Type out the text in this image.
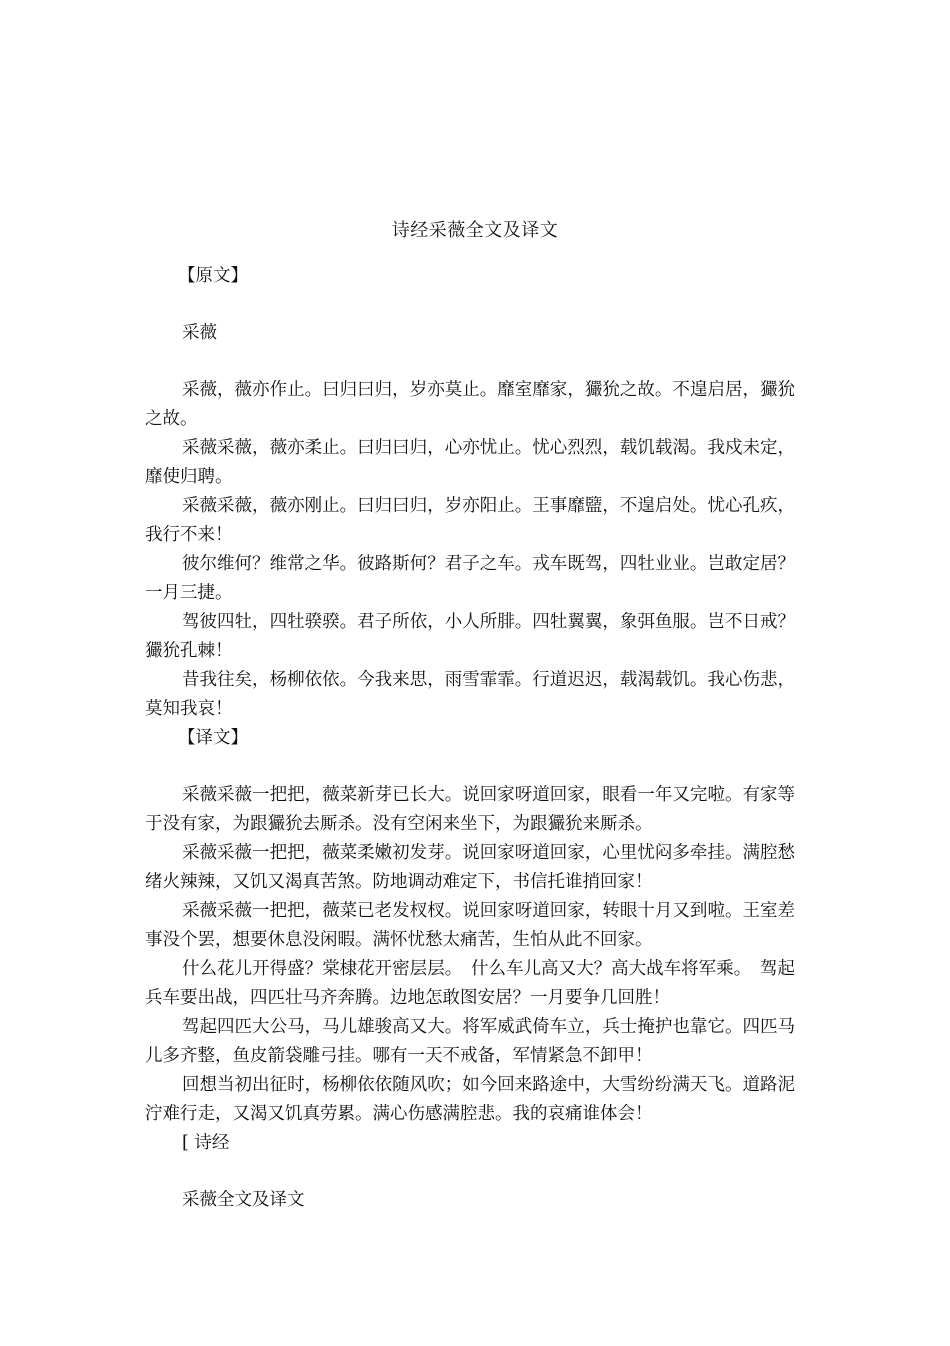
诗经采薇全文及译文

【原文】

采薇

采薇，薇亦作止。曰归曰归，岁亦莫止。靡室靡家，玁狁之故。不遑启居，玁狁之故。

采薇采薇，薇亦柔止。曰归曰归，心亦忧止。忧心烈烈，载饥载渴。我戍未定，靡使归聘。

采薇采薇，薇亦刚止。曰归曰归，岁亦阳止。王事靡盬，不遑启处。忧心孔疚，我行不来！

彼尔维何？维常之华。彼路斯何？君子之车。戎车既驾，四牡业业。岂敢定居？一月三捷。

驾彼四牡，四牡骙骙。君子所依，小人所腓。四牡翼翼，象弭鱼服。岂不日戒？玁狁孔棘！

昔我往矣，杨柳依依。今我来思，雨雪霏霏。行道迟迟，载渴载饥。我心伤悲，莫知我哀！

【译文】

采薇采薇一把把，薇菜新芽已长大。说回家呀道回家，眼看一年又完啦。有家等于没有家，为跟玁狁去厮杀。没有空闲来坐下，为跟玁狁来厮杀。

采薇采薇一把把，薇菜柔嫩初发芽。说回家呀道回家，心里忧闷多牵挂。满腔愁绪火辣辣，又饥又渴真苦煞。防地调动难定下，书信托谁捎回家！

采薇采薇一把把，薇菜已老发杈杈。说回家呀道回家，转眼十月又到啦。王室差事没个罢，想要休息没闲暇。满怀忧愁太痛苦，生怕从此不回家。

什么花儿开得盛？棠棣花开密层层。　什么车儿高又大？高大战车将军乘。　驾起兵车要出战，四匹壮马齐奔腾。边地怎敢图安居？一月要争几回胜！

驾起四匹大公马，马儿雄骏高又大。将军威武倚车立，兵士掩护也靠它。四匹马儿多齐整，鱼皮箭袋雕弓挂。哪有一天不戒备，军情紧急不卸甲！

回想当初出征时，杨柳依依随风吹；如今回来路途中，大雪纷纷满天飞。道路泥泞难行走，又渴又饥真劳累。满心伤感满腔悲。我的哀痛谁体会！

[ 诗经

采薇全文及译文
